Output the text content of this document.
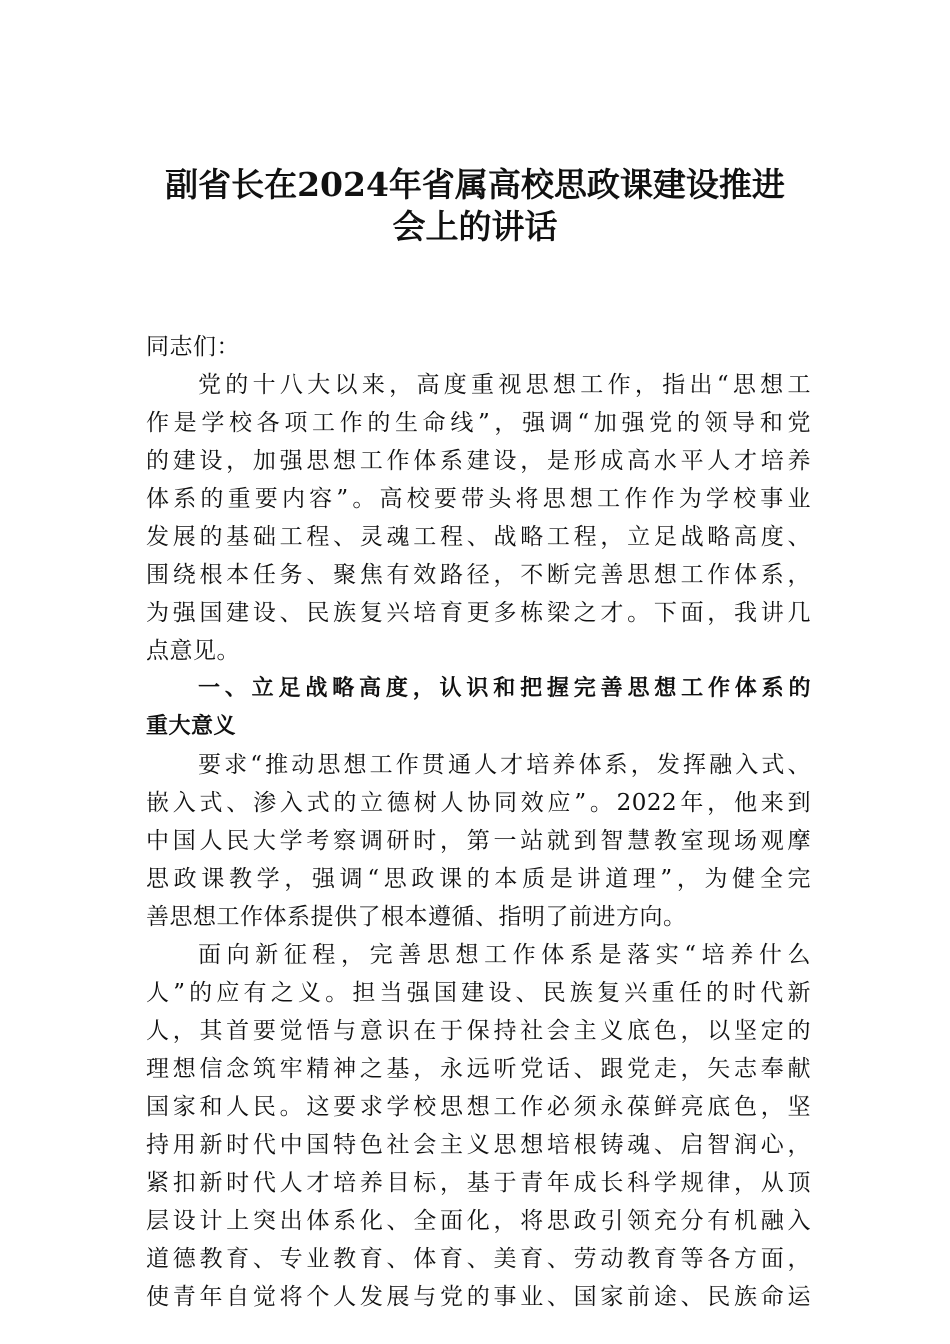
副省长在2024年省属高校思政课建设推进
会上的讲话
同志们：
党的十八大以来，高度重视思想工作，指出“思想工
作是学校各项工作的生命线”，强调“加强党的领导和党
的建设，加强思想工作体系建设，是形成高水平人才培养
体系的重要内容”。高校要带头将思想工作作为学校事业
发展的基础工程、灵魂工程、战略工程，立足战略高度、
围绕根本任务、聚焦有效路径，不断完善思想工作体系，
为强国建设、民族复兴培育更多栋梁之才。下面，我讲几
点意见。
一、立足战略高度，认识和把握完善思想工作体系的
重大意义
要求“推动思想工作贯通人才培养体系，发挥融入式、
嵌入式、渗入式的立德树人协同效应”。2022年，他来到
中国人民大学考察调研时，第一站就到智慧教室现场观摩
思政课教学，强调“思政课的本质是讲道理”，为健全完
善思想工作体系提供了根本遵循、指明了前进方向。
面向新征程，完善思想工作体系是落实“培养什么
人”的应有之义。担当强国建设、民族复兴重任的时代新
人，其首要觉悟与意识在于保持社会主义底色，以坚定的
理想信念筑牢精神之基，永远听党话、跟党走，矢志奉献
国家和人民。这要求学校思想工作必须永葆鲜亮底色，坚
持用新时代中国特色社会主义思想培根铸魂、启智润心，
紧扣新时代人才培养目标，基于青年成长科学规律，从顶
层设计上突出体系化、全面化，将思政引领充分有机融入
道德教育、专业教育、体育、美育、劳动教育等各方面，
使青年自觉将个人发展与党的事业、国家前途、民族命运
